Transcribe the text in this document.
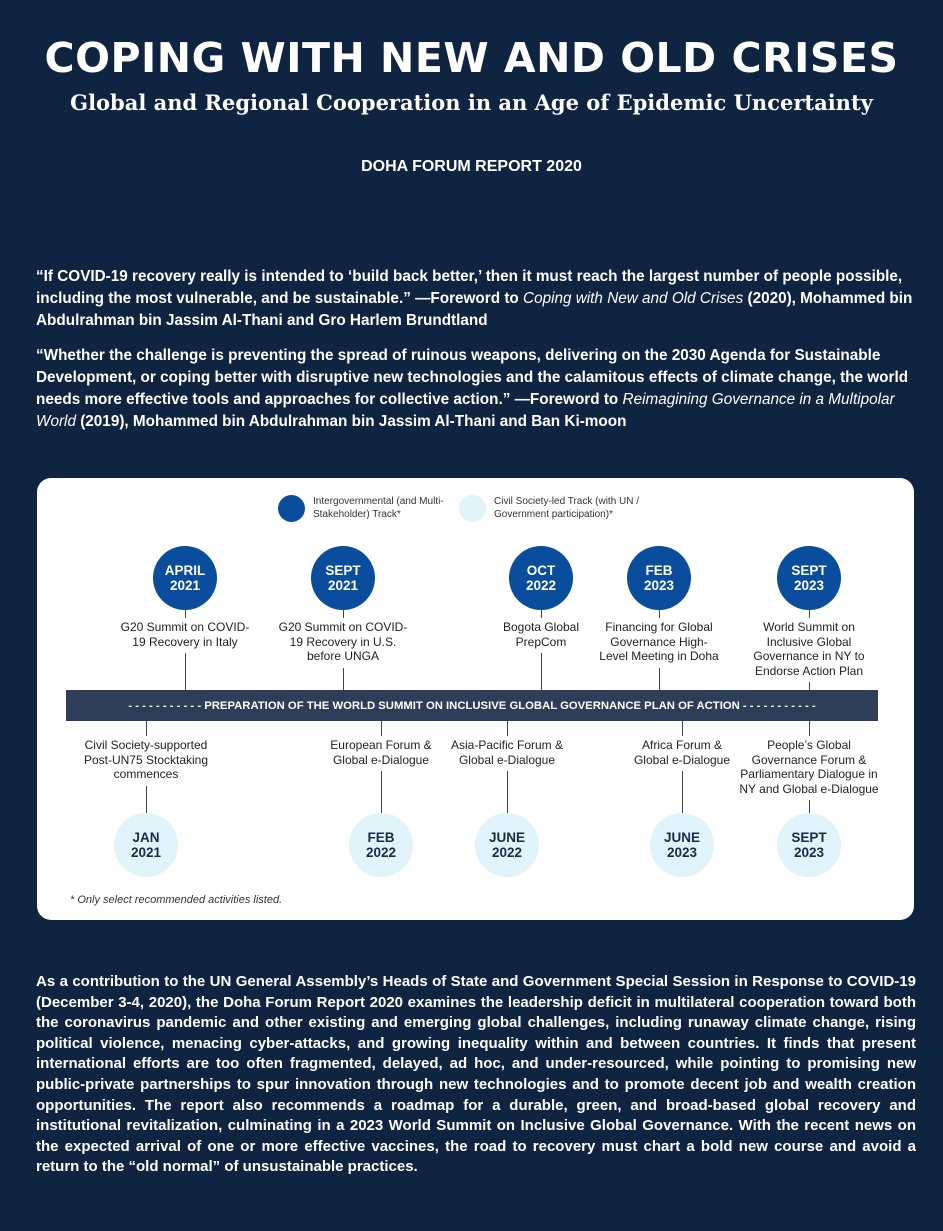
COPING WITH NEW AND OLD CRISES
Global and Regional Cooperation in an Age of Epidemic Uncertainty
DOHA FORUM REPORT 2020
“If COVID-19 recovery really is intended to ‘build back better,’ then it must reach the largest number of people possible, including the most vulnerable, and be sustainable.” —Foreword to Coping with New and Old Crises (2020), Mohammed bin Abdulrahman bin Jassim Al-Thani and Gro Harlem Brundtland
“Whether the challenge is preventing the spread of ruinous weapons, delivering on the 2030 Agenda for Sustainable Development, or coping better with disruptive new technologies and the calamitous effects of climate change, the world needs more effective tools and approaches for collective action.” —Foreword to Reimagining Governance in a Multipolar World (2019), Mohammed bin Abdulrahman bin Jassim Al-Thani and Ban Ki-moon
Intergovernmental (and Multi-Stakeholder) Track*
Civil Society-led Track (with UN / Government participation)*
G20 Summit on COVID-19 Recovery in Italy
APRIL
2021
G20 Summit on COVID-19 Recovery in U.S. before UNGA
SEPT
2021
Bogota Global PrepCom
OCT
2022
Financing for Global Governance High-Level Meeting in Doha
FEB
2023
World Summit on Inclusive Global Governance in NY to Endorse Action Plan
SEPT
2023
Civil Society-supported Post-UN75 Stocktaking commences
JAN
2021
European Forum & Global e-Dialogue
FEB
2022
Asia-Pacific Forum & Global e-Dialogue
JUNE
2022
Africa Forum & Global e-Dialogue
JUNE
2023
People’s Global Governance Forum & Parliamentary Dialogue in NY and Global e-Dialogue
SEPT
2023
- - - - - - - - - - - PREPARATION OF THE WORLD SUMMIT ON INCLUSIVE GLOBAL GOVERNANCE PLAN OF ACTION - - - - - - - - - - -
* Only select recommended activities listed.
As a contribution to the UN General Assembly’s Heads of State and Government Special Session in Response to COVID-19 (December 3-4, 2020), the Doha Forum Report 2020 examines the leadership deficit in multilateral cooperation toward both the coronavirus pandemic and other existing and emerging global challenges, including runaway climate change, rising political violence, menacing cyber-attacks, and growing inequality within and between countries. It finds that present international efforts are too often fragmented, delayed, ad hoc, and under-resourced, while pointing to promising new public-private partnerships to spur innovation through new technologies and to promote decent job and wealth creation opportunities. The report also recommends a roadmap for a durable, green, and broad-based global recovery and institutional revitalization, culminating in a 2023 World Summit on Inclusive Global Governance. With the recent news on the expected arrival of one or more effective vaccines, the road to recovery must chart a bold new course and avoid a return to the “old normal” of unsustainable practices.
